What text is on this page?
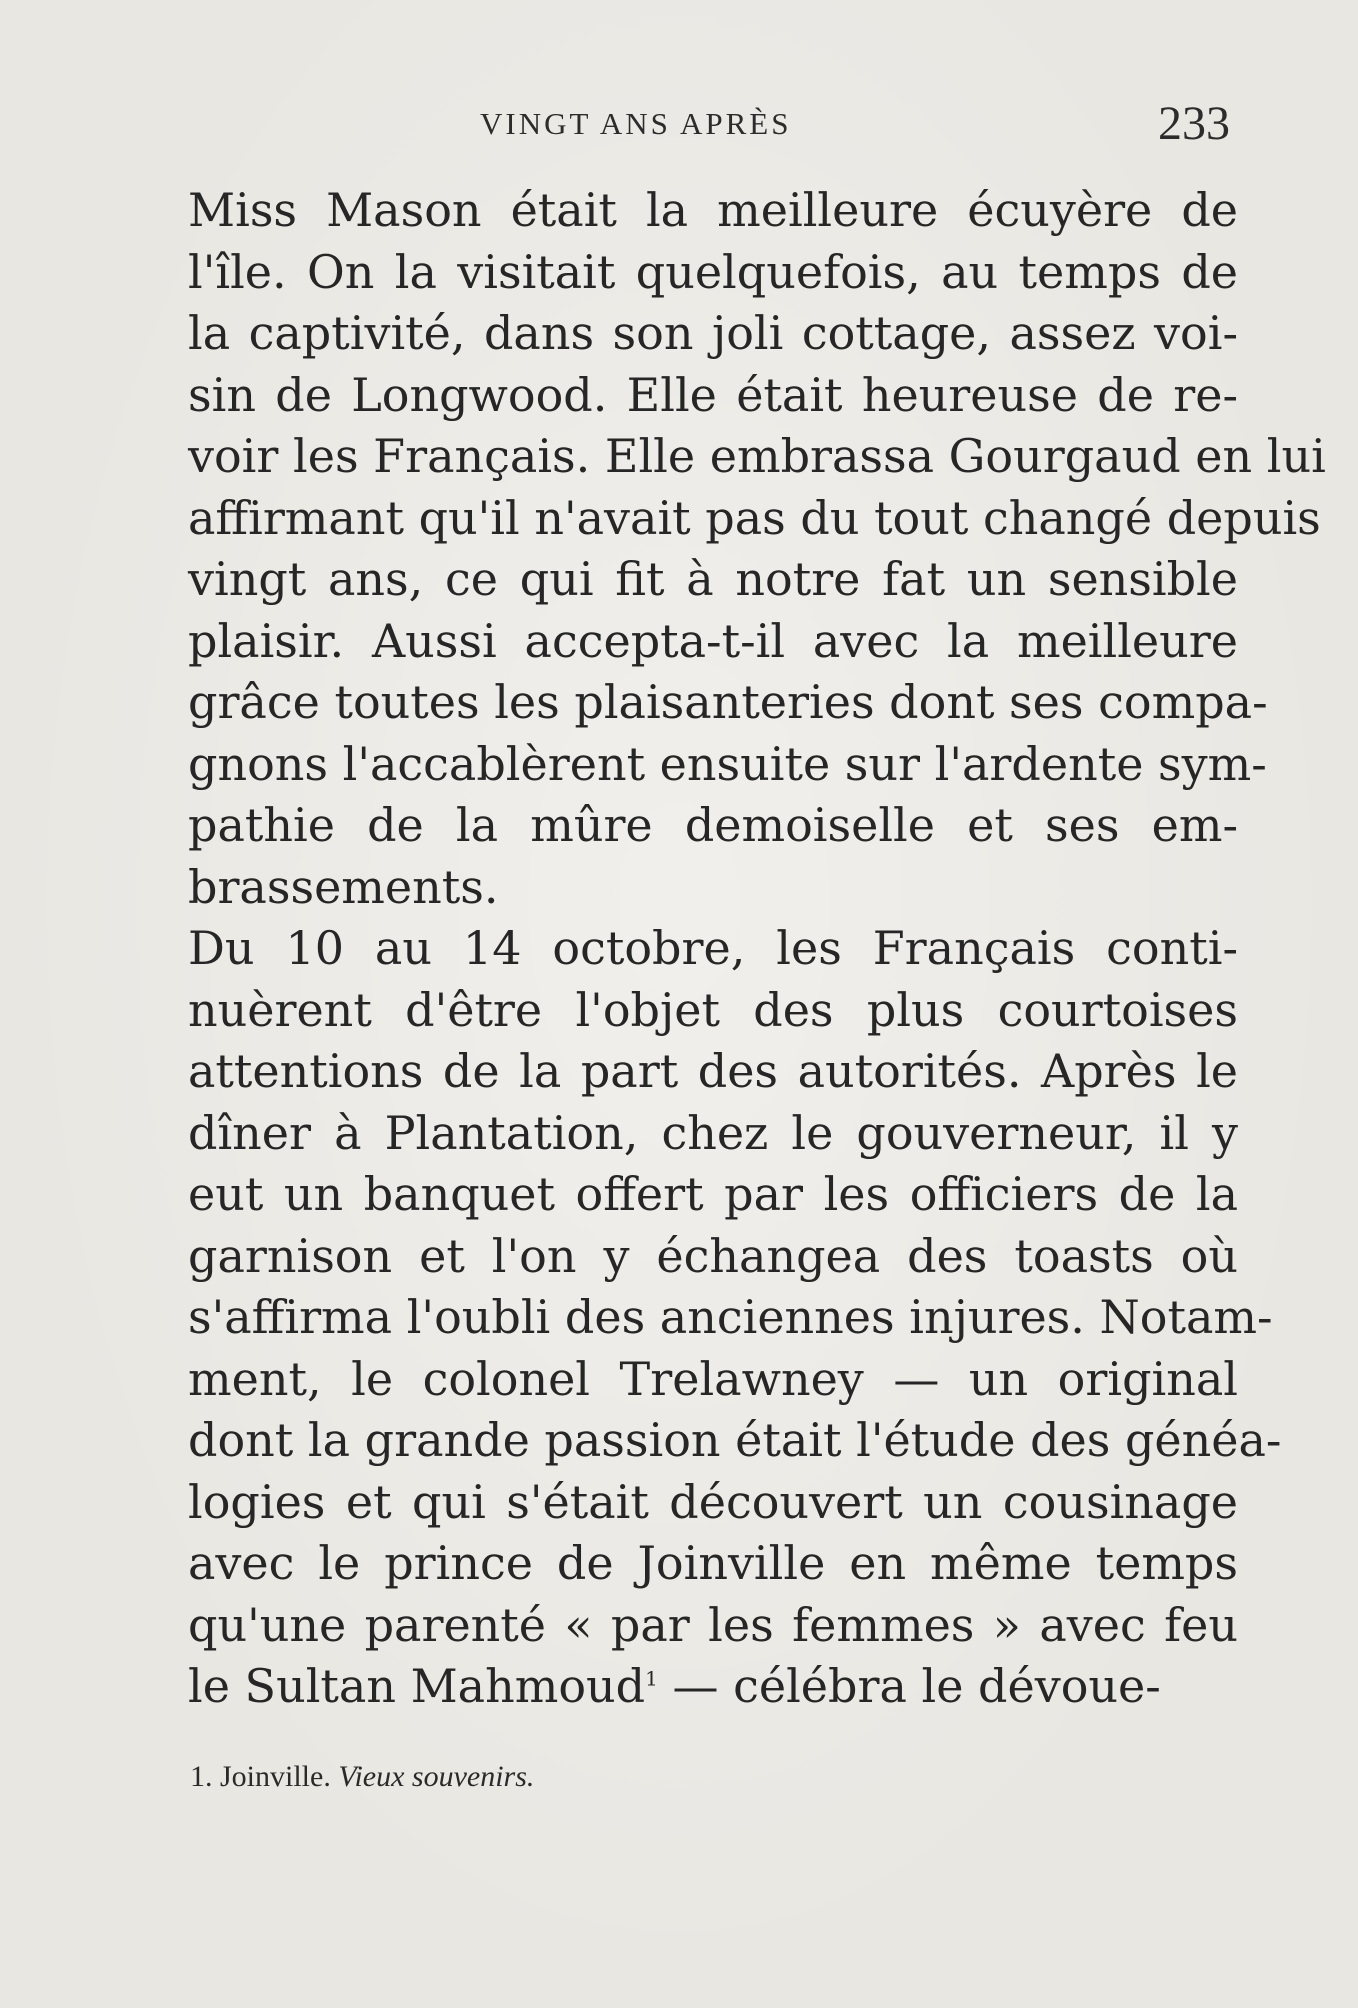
VINGT ANS APRÈS	233

Miss Mason était la meilleure écuyère de
l'île. On la visitait quelquefois, au temps de
la captivité, dans son joli cottage, assez voi-
sin de Longwood. Elle était heureuse de re-
voir les Français. Elle embrassa Gourgaud en lui
affirmant qu'il n'avait pas du tout changé depuis
vingt ans, ce qui fit à notre fat un sensible
plaisir. Aussi accepta-t-il avec la meilleure
grâce toutes les plaisanteries dont ses compa-
gnons l'accablèrent ensuite sur l'ardente sym-
pathie de la mûre demoiselle et ses em-
brassements.

Du 10 au 14 octobre, les Français conti-
nuèrent d'être l'objet des plus courtoises
attentions de la part des autorités. Après le
dîner à Plantation, chez le gouverneur, il y
eut un banquet offert par les officiers de la
garnison et l'on y échangea des toasts où
s'affirma l'oubli des anciennes injures. Notam-
ment, le colonel Trelawney — un original
dont la grande passion était l'étude des généa-
logies et qui s'était découvert un cousinage
avec le prince de Joinville en même temps
qu'une parenté « par les femmes » avec feu
le Sultan Mahmoud$^1$ — célébra le dévoue-

1. Joinville. Vieux souvenirs.
